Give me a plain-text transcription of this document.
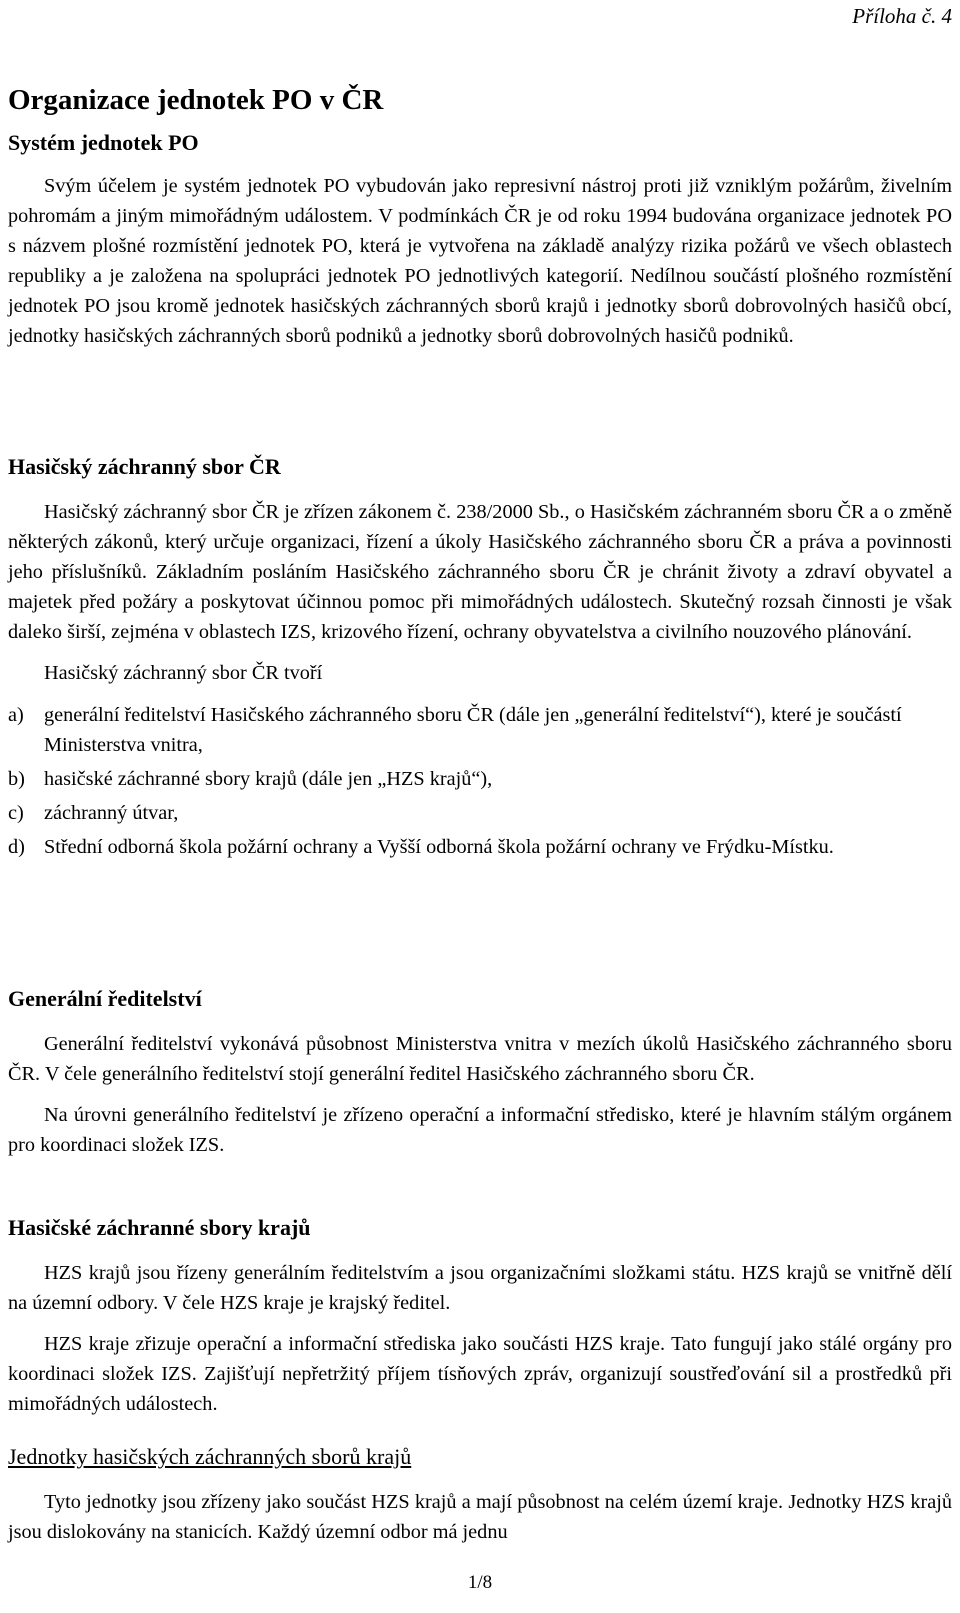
Příloha č. 4
Organizace jednotek PO v ČR
Systém jednotek PO

Svým účelem je systém jednotek PO vybudován jako represivní nástroj proti již vzniklým požárům, živelním pohromám a jiným mimořádným událostem. V podmínkách ČR je od roku 1994 budována organizace jednotek PO s názvem plošné rozmístění jednotek PO, která je vytvořena na základě analýzy rizika požárů ve všech oblastech republiky a je založena na spolupráci jednotek PO jednotlivých kategorií. Nedílnou součástí plošného rozmístění jednotek PO jsou kromě jednotek hasičských záchranných sborů krajů i jednotky sborů dobrovolných hasičů obcí, jednotky hasičských záchranných sborů podniků a jednotky sborů dobrovolných hasičů podniků.

Hasičský záchranný sbor ČR

Hasičský záchranný sbor ČR je zřízen zákonem č. 238/2000 Sb., o Hasičském záchranném sboru ČR a o změně některých zákonů, který určuje organizaci, řízení a úkoly Hasičského záchranného sboru ČR a práva a povinnosti jeho příslušníků. Základním posláním Hasičského záchranného sboru ČR je chránit životy a zdraví obyvatel a majetek před požáry a poskytovat účinnou pomoc při mimořádných událostech. Skutečný rozsah činnosti je však daleko širší, zejména v oblastech IZS, krizového řízení, ochrany obyvatelstva a civilního nouzového plánování.

Hasičský záchranný sbor ČR tvoří

a) generální ředitelství Hasičského záchranného sboru ČR (dále jen „generální ředitelství“), které je součástí Ministerstva vnitra,
b) hasičské záchranné sbory krajů (dále jen „HZS krajů“),
c) záchranný útvar,
d) Střední odborná škola požární ochrany a Vyšší odborná škola požární ochrany ve Frýdku-Místku.
Generální ředitelství

Generální ředitelství vykonává působnost Ministerstva vnitra v mezích úkolů Hasičského záchranného sboru ČR. V čele generálního ředitelství stojí generální ředitel Hasičského záchranného sboru ČR.

Na úrovni generálního ředitelství je zřízeno operační a informační středisko, které je hlavním stálým orgánem pro koordinaci složek IZS.

Hasičské záchranné sbory krajů

HZS krajů jsou řízeny generálním ředitelstvím a jsou organizačními složkami státu. HZS krajů se vnitřně dělí na územní odbory. V čele HZS kraje je krajský ředitel.

HZS kraje zřizuje operační a informační střediska jako součásti HZS kraje. Tato fungují jako stálé orgány pro koordinaci složek IZS. Zajišťují nepřetržitý příjem tísňových zpráv, organizují soustřeďování sil a prostředků při mimořádných událostech.

Jednotky hasičských záchranných sborů krajů

Tyto jednotky jsou zřízeny jako součást HZS krajů a mají působnost na celém území kraje. Jednotky HZS krajů jsou dislokovány na stanicích. Každý územní odbor má jednu

1/8
